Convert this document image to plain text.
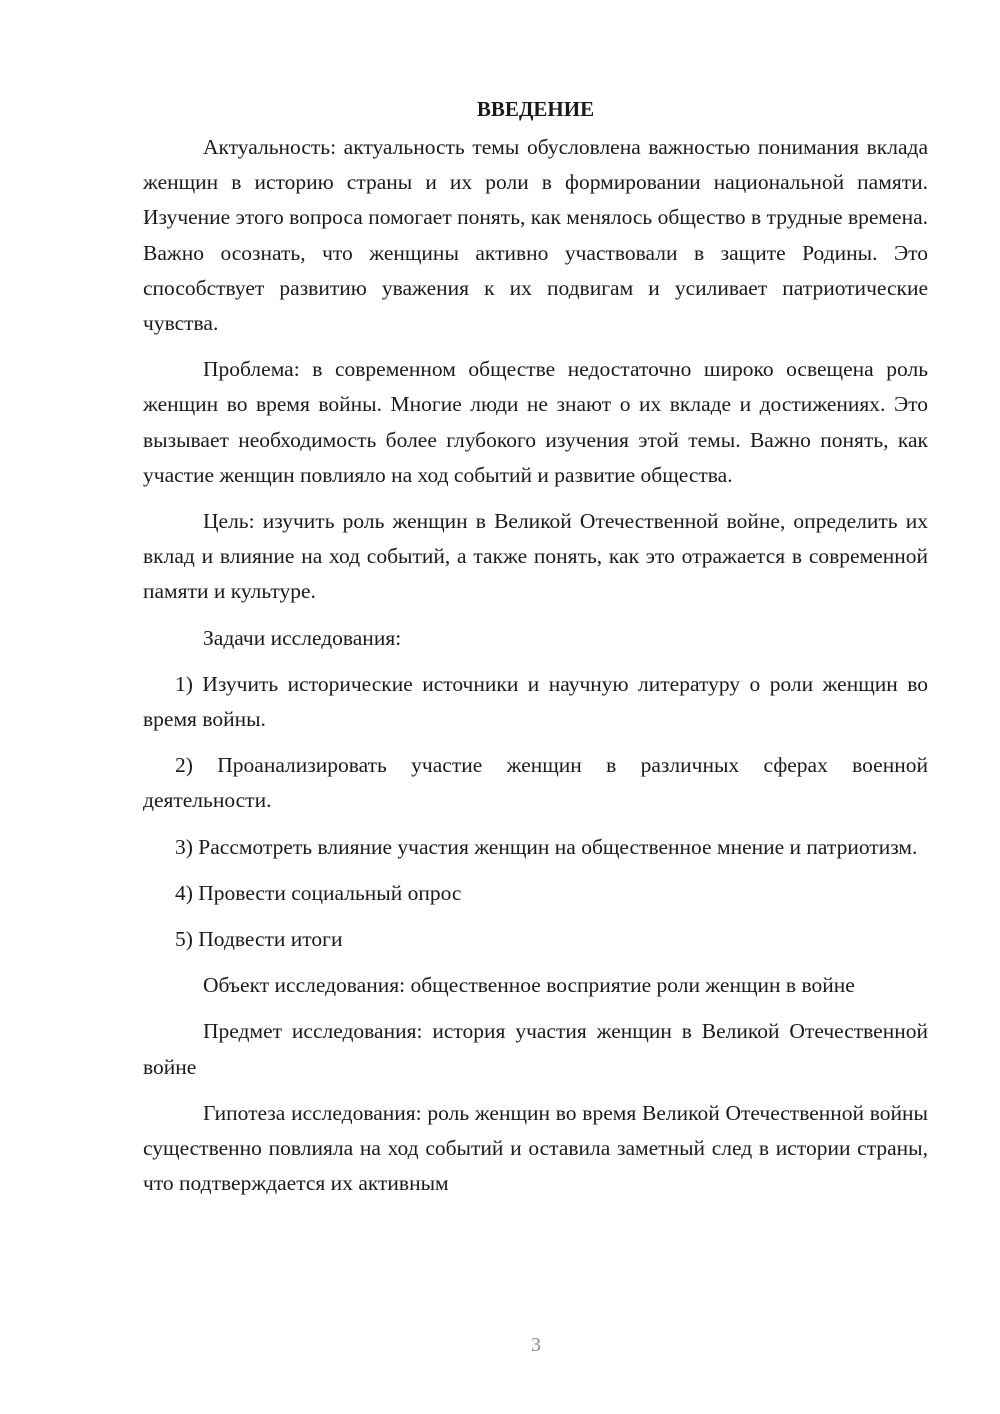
ВВЕДЕНИЕ

Актуальность: актуальность темы обусловлена важностью понимания вклада женщин в историю страны и их роли в формировании национальной памяти. Изучение этого вопроса помогает понять, как менялось общество в трудные времена. Важно осознать, что женщины активно участвовали в защите Родины. Это способствует развитию уважения к их подвигам и усиливает патриотические чувства.

Проблема: в современном обществе недостаточно широко освещена роль женщин во время войны. Многие люди не знают о их вкладе и достижениях. Это вызывает необходимость более глубокого изучения этой темы. Важно понять, как участие женщин повлияло на ход событий и развитие общества.

Цель: изучить роль женщин в Великой Отечественной войне, определить их вклад и влияние на ход событий, а также понять, как это отражается в современной памяти и культуре.

Задачи исследования:

1) Изучить исторические источники и научную литературу о роли женщин во время войны.

2) Проанализировать участие женщин в различных сферах военной деятельности.

3) Рассмотреть влияние участия женщин на общественное мнение и патриотизм.

4) Провести социальный опрос

5) Подвести итоги

Объект исследования: общественное восприятие роли женщин в войне

Предмет исследования: история участия женщин в Великой Отечественной войне

Гипотеза исследования: роль женщин во время Великой Отечественной войны существенно повлияла на ход событий и оставила заметный след в истории страны, что подтверждается их активным

3
